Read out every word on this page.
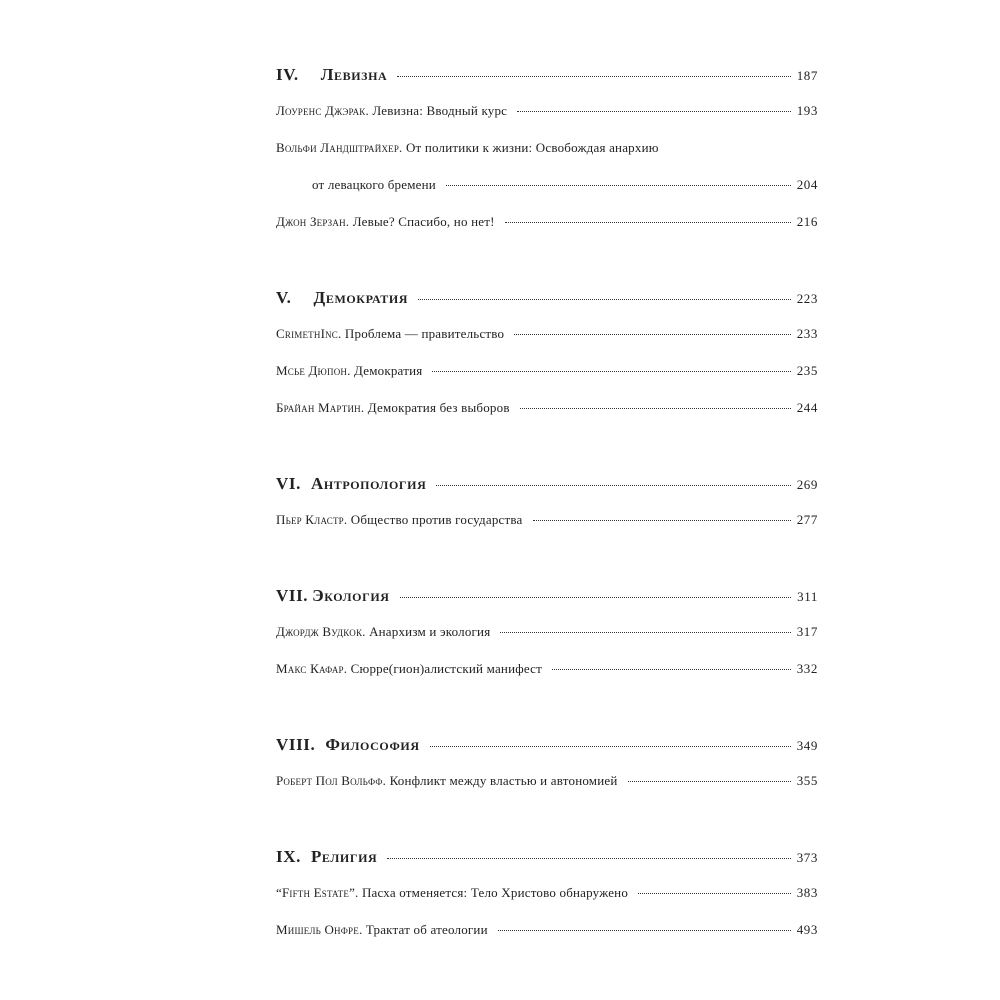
IV. Левизна	187
Лоуренс Джэрак. Левизна: Вводный курс	193
Вольфи Ландштрайхер. От политики к жизни: Освобождая анархию
от левацкого бремени	204
Джон Зерзан. Левые? Спасибо, но нет!	216
V. Демократия	223
CrimethInc. Проблема — правительство	233
Мсье Дюпон. Демократия	235
Брайан Мартин. Демократия без выборов	244
VI. Антропология	269
Пьер Кластр. Общество против государства	277
VII. Экология	311
Джордж Вудкок. Анархизм и экология	317
Макс Кафар. Сюрре(гион)алистский манифест	332
VIII. Философия	349
Роберт Пол Вольфф. Конфликт между властью и автономией	355
IX. Религия	373
“Fifth Estate”. Пасха отменяется: Тело Христово обнаружено	383
Мишель Онфре. Трактат об атеологии	493
